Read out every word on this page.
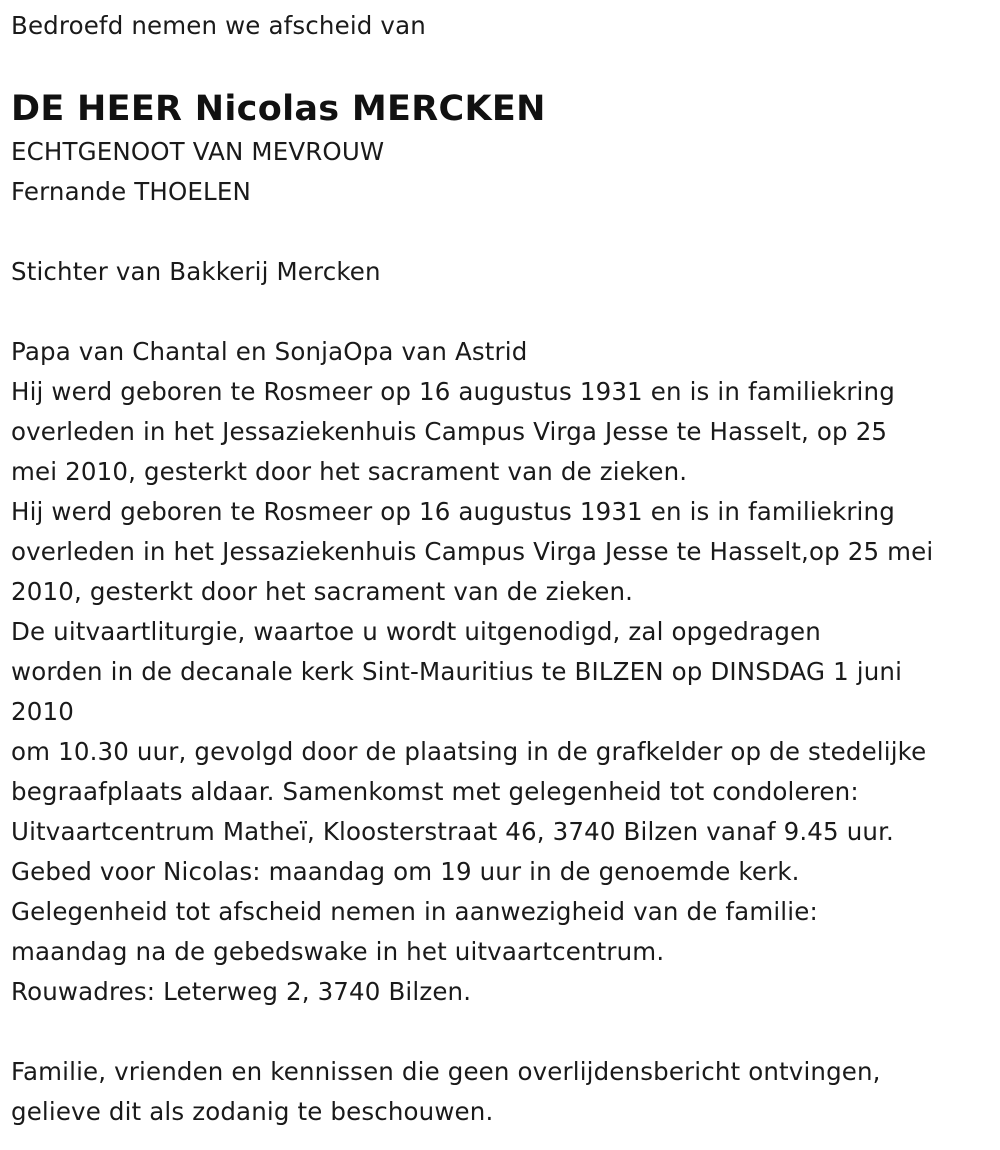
Bedroefd nemen we afscheid van
DE HEER Nicolas MERCKEN
ECHTGENOOT VAN MEVROUW
Fernande THOELEN
Stichter van Bakkerij Mercken
Papa van Chantal en SonjaOpa van Astrid
Hij werd geboren te Rosmeer op 16 augustus 1931 en is in familiekring
overleden in het Jessaziekenhuis Campus Virga Jesse te Hasselt, op 25
mei 2010, gesterkt door het sacrament van de zieken.
Hij werd geboren te Rosmeer op 16 augustus 1931 en is in familiekring
overleden in het Jessaziekenhuis Campus Virga Jesse te Hasselt,op 25 mei
2010, gesterkt door het sacrament van de zieken.
De uitvaartliturgie, waartoe u wordt uitgenodigd, zal opgedragen
worden in de decanale kerk Sint-Mauritius te BILZEN op DINSDAG 1 juni
2010
om 10.30 uur, gevolgd door de plaatsing in de grafkelder op de stedelijke
begraafplaats aldaar. Samenkomst met gelegenheid tot condoleren:
Uitvaartcentrum Matheï, Kloosterstraat 46, 3740 Bilzen vanaf 9.45 uur.
Gebed voor Nicolas: maandag om 19 uur in de genoemde kerk.
Gelegenheid tot afscheid nemen in aanwezigheid van de familie:
maandag na de gebedswake in het uitvaartcentrum.
Rouwadres: Leterweg 2, 3740 Bilzen.
Familie, vrienden en kennissen die geen overlijdensbericht ontvingen,
gelieve dit als zodanig te beschouwen.
